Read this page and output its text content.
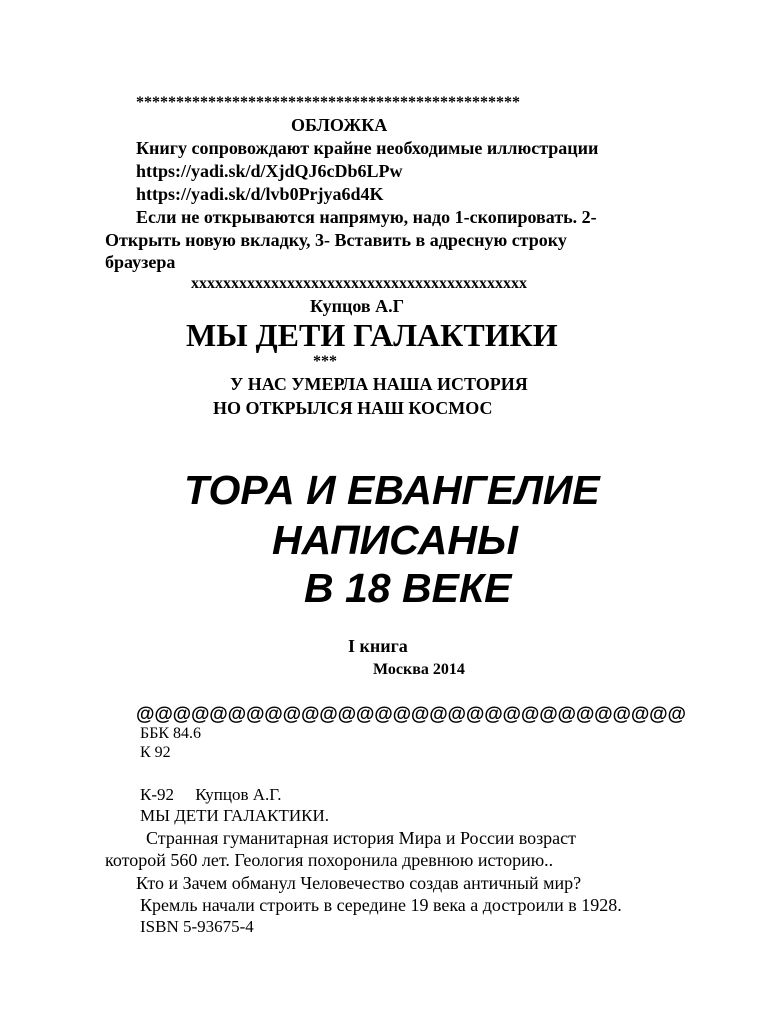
************************************************
ОБЛОЖКА
Книгу сопровождают крайне необходимые иллюстрации
https://yadi.sk/d/XjdQJ6cDb6LPw
https://yadi.sk/d/lvb0Prjya6d4K
Если не открываются напрямую, надо 1-скопировать. 2-
Открыть новую вкладку, 3- Вставить в адресную строку
браузера
xxxxxxxxxxxxxxxxxxxxxxxxxxxxxxxxxxxxxxxxxx
Купцов А.Г
МЫ ДЕТИ ГАЛАКТИКИ
***
У НАС УМЕРЛА НАША ИСТОРИЯ
НО ОТКРЫЛСЯ НАШ КОСМОС
ТОРА И ЕВАНГЕЛИЕ
НАПИСАНЫ
В 18 ВЕКЕ
I книга
Москва 2014
@@@@@@@@@@@@@@@@@@@@@@@@@@@@@@
ББК 84.6
К 92
К-92     Купцов А.Г.
МЫ ДЕТИ ГАЛАКТИКИ.
Странная гуманитарная история Мира и России возраст
которой 560 лет. Геология похоронила древнюю историю..
Кто и Зачем обманул Человечество создав античный мир?
Кремль начали строить в середине 19 века а достроили в 1928.
ISBN 5-93675-4
